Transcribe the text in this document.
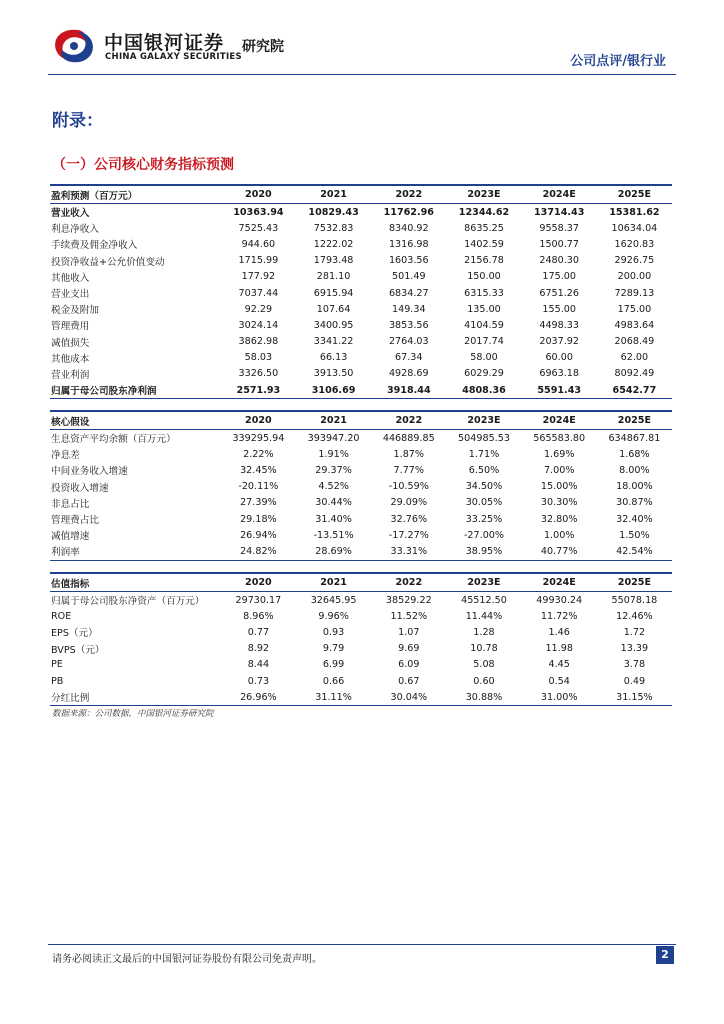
中国银河证券
CHINA GALAXY SECURITIES
研究院
公司点评/银行业
附录：
（一）公司核心财务指标预测
盈利预测（百万元）	2020	2021	2022	2023E	2024E	2025E
营业收入	10363.94	10829.43	11762.96	12344.62	13714.43	15381.62
利息净收入	7525.43	7532.83	8340.92	8635.25	9558.37	10634.04
手续费及佣金净收入	944.60	1222.02	1316.98	1402.59	1500.77	1620.83
投资净收益+公允价值变动	1715.99	1793.48	1603.56	2156.78	2480.30	2926.75
其他收入	177.92	281.10	501.49	150.00	175.00	200.00
营业支出	7037.44	6915.94	6834.27	6315.33	6751.26	7289.13
税金及附加	92.29	107.64	149.34	135.00	155.00	175.00
管理费用	3024.14	3400.95	3853.56	4104.59	4498.33	4983.64
减值损失	3862.98	3341.22	2764.03	2017.74	2037.92	2068.49
其他成本	58.03	66.13	67.34	58.00	60.00	62.00
营业利润	3326.50	3913.50	4928.69	6029.29	6963.18	8092.49
归属于母公司股东净利润	2571.93	3106.69	3918.44	4808.36	5591.43	6542.77
核心假设	2020	2021	2022	2023E	2024E	2025E
生息资产平均余额（百万元）	339295.94	393947.20	446889.85	504985.53	565583.80	634867.81
净息差	2.22%	1.91%	1.87%	1.71%	1.69%	1.68%
中间业务收入增速	32.45%	29.37%	7.77%	6.50%	7.00%	8.00%
投资收入增速	-20.11%	4.52%	-10.59%	34.50%	15.00%	18.00%
非息占比	27.39%	30.44%	29.09%	30.05%	30.30%	30.87%
管理费占比	29.18%	31.40%	32.76%	33.25%	32.80%	32.40%
减值增速	26.94%	-13.51%	-17.27%	-27.00%	1.00%	1.50%
利润率	24.82%	28.69%	33.31%	38.95%	40.77%	42.54%
估值指标	2020	2021	2022	2023E	2024E	2025E
归属于母公司股东净资产（百万元）	29730.17	32645.95	38529.22	45512.50	49930.24	55078.18
ROE	8.96%	9.96%	11.52%	11.44%	11.72%	12.46%
EPS（元）	0.77	0.93	1.07	1.28	1.46	1.72
BVPS（元）	8.92	9.79	9.69	10.78	11.98	13.39
PE	8.44	6.99	6.09	5.08	4.45	3.78
PB	0.73	0.66	0.67	0.60	0.54	0.49
分红比例	26.96%	31.11%	30.04%	30.88%	31.00%	31.15%
数据来源：公司数据，中国银河证券研究院
请务必阅读正文最后的中国银河证券股份有限公司免责声明。	2
